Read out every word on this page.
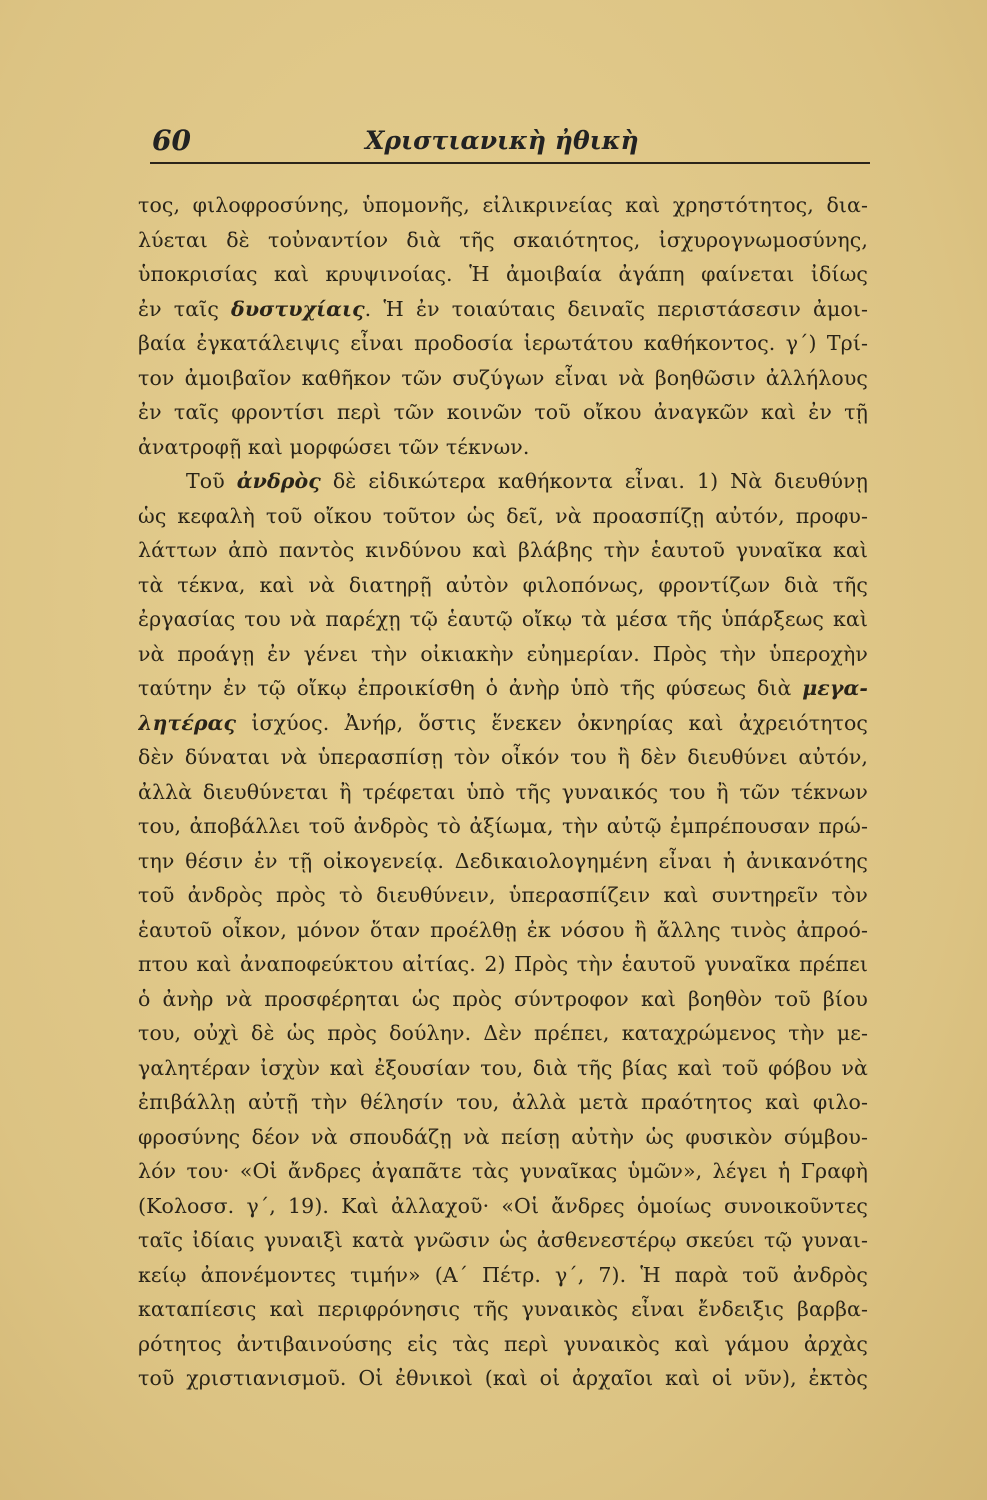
60	Χριστιανικὴ ἠθικὴ
τος, φιλοφροσύνης, ὑπομονῆς, εἰλικρινείας καὶ χρηστότητος, δια-
λύεται δὲ τοὐναντίον διὰ τῆς σκαιότητος, ἰσχυρογνωμοσύνης,
ὑποκρισίας καὶ κρυψινοίας. Ἡ ἀμοιβαία ἀγάπη φαίνεται ἰδίως
ἐν ταῖς δυστυχίαις. Ἡ ἐν τοιαύταις δειναῖς περιστάσεσιν ἀμοι-
βαία ἐγκατάλειψις εἶναι προδοσία ἱερωτάτου καθήκοντος. γ΄) Τρί-
τον ἀμοιβαῖον καθῆκον τῶν συζύγων εἶναι νὰ βοηθῶσιν ἀλλήλους
ἐν ταῖς φροντίσι περὶ τῶν κοινῶν τοῦ οἴκου ἀναγκῶν καὶ ἐν τῇ
ἀνατροφῇ καὶ μορφώσει τῶν τέκνων.
Τοῦ ἀνδρὸς δὲ εἰδικώτερα καθήκοντα εἶναι. 1) Νὰ διευθύνῃ
ὡς κεφαλὴ τοῦ οἴκου τοῦτον ὡς δεῖ, νὰ προασπίζῃ αὐτόν, προφυ-
λάττων ἀπὸ παντὸς κινδύνου καὶ βλάβης τὴν ἑαυτοῦ γυναῖκα καὶ
τὰ τέκνα, καὶ νὰ διατηρῇ αὐτὸν φιλοπόνως, φροντίζων διὰ τῆς
ἐργασίας του νὰ παρέχῃ τῷ ἑαυτῷ οἴκῳ τὰ μέσα τῆς ὑπάρξεως καὶ
νὰ προάγῃ ἐν γένει τὴν οἰκιακὴν εὐημερίαν. Πρὸς τὴν ὑπεροχὴν
ταύτην ἐν τῷ οἴκῳ ἐπροικίσθη ὁ ἀνὴρ ὑπὸ τῆς φύσεως διὰ μεγα-
λητέρας ἰσχύος. Ἀνήρ, ὅστις ἕνεκεν ὀκνηρίας καὶ ἀχρειότητος
δὲν δύναται νὰ ὑπερασπίσῃ τὸν οἶκόν του ἢ δὲν διευθύνει αὐτόν,
ἀλλὰ διευθύνεται ἢ τρέφεται ὑπὸ τῆς γυναικός του ἢ τῶν τέκνων
του, ἀποβάλλει τοῦ ἀνδρὸς τὸ ἀξίωμα, τὴν αὐτῷ ἐμπρέπουσαν πρώ-
την θέσιν ἐν τῇ οἰκογενείᾳ. Δεδικαιολογημένη εἶναι ἡ ἀνικανότης
τοῦ ἀνδρὸς πρὸς τὸ διευθύνειν, ὑπερασπίζειν καὶ συντηρεῖν τὸν
ἑαυτοῦ οἶκον, μόνον ὅταν προέλθῃ ἐκ νόσου ἢ ἄλλης τινὸς ἀπροό-
πτου καὶ ἀναποφεύκτου αἰτίας. 2) Πρὸς τὴν ἑαυτοῦ γυναῖκα πρέπει
ὁ ἀνὴρ νὰ προσφέρηται ὡς πρὸς σύντροφον καὶ βοηθὸν τοῦ βίου
του, οὐχὶ δὲ ὡς πρὸς δούλην. Δὲν πρέπει, καταχρώμενος τὴν με-
γαλητέραν ἰσχὺν καὶ ἐξουσίαν του, διὰ τῆς βίας καὶ τοῦ φόβου νὰ
ἐπιβάλλῃ αὐτῇ τὴν θέλησίν του, ἀλλὰ μετὰ πραότητος καὶ φιλο-
φροσύνης δέον νὰ σπουδάζῃ νὰ πείσῃ αὐτὴν ὡς φυσικὸν σύμβου-
λόν του· «Οἱ ἄνδρες ἀγαπᾶτε τὰς γυναῖκας ὑμῶν», λέγει ἡ Γραφὴ
(Κολοσσ. γ΄, 19). Καὶ ἀλλαχοῦ· «Οἱ ἄνδρες ὁμοίως συνοικοῦντες
ταῖς ἰδίαις γυναιξὶ κατὰ γνῶσιν ὡς ἀσθενεστέρῳ σκεύει τῷ γυναι-
κείῳ ἀπονέμοντες τιμήν» (Α΄ Πέτρ. γ΄, 7). Ἡ παρὰ τοῦ ἀνδρὸς
καταπίεσις καὶ περιφρόνησις τῆς γυναικὸς εἶναι ἔνδειξις βαρβα-
ρότητος ἀντιβαινούσης εἰς τὰς περὶ γυναικὸς καὶ γάμου ἀρχὰς
τοῦ χριστιανισμοῦ. Οἱ ἐθνικοὶ (καὶ οἱ ἀρχαῖοι καὶ οἱ νῦν), ἐκτὸς
